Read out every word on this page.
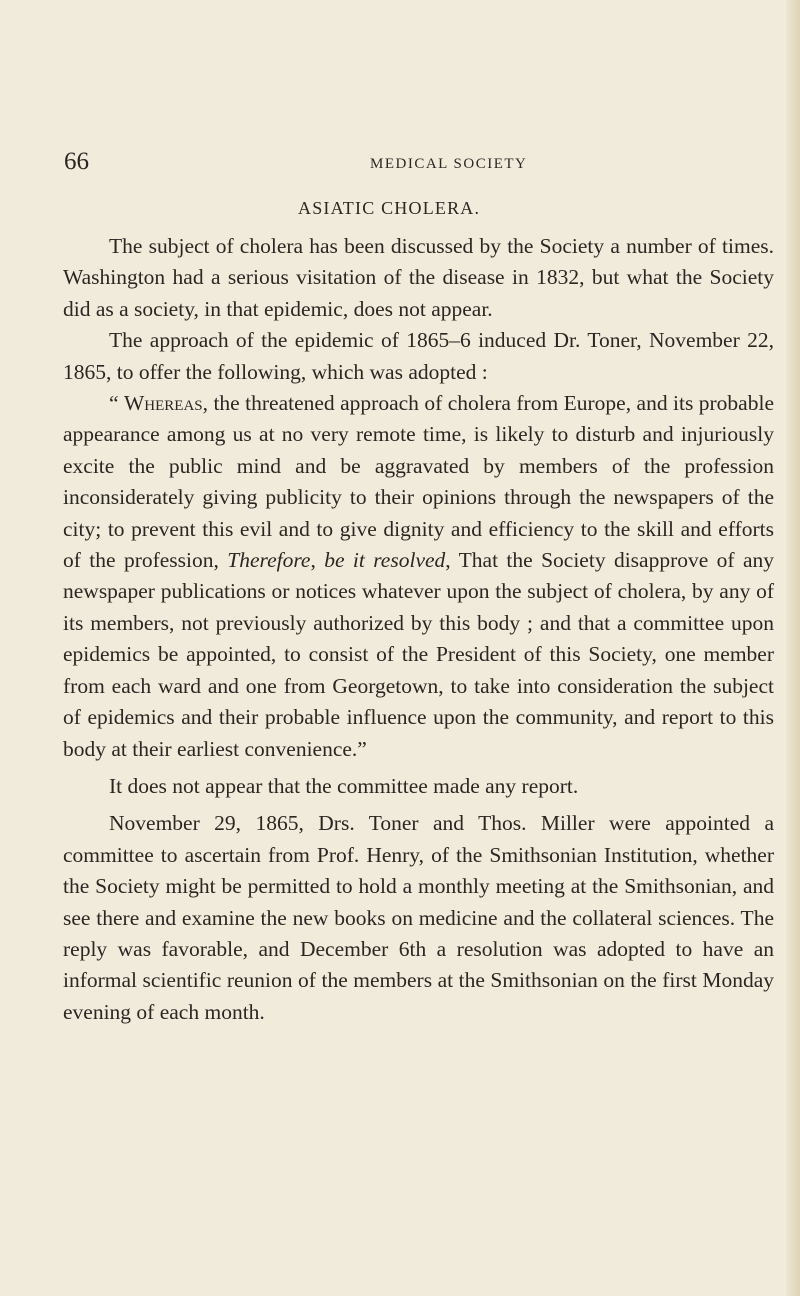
66	MEDICAL SOCIETY
ASIATIC CHOLERA.

The subject of cholera has been discussed by the Society a number of times. Washington had a serious visitation of the disease in 1832, but what the Society did as a society, in that epidemic, does not appear.

The approach of the epidemic of 1865–6 induced Dr. Toner, November 22, 1865, to offer the following, which was adopted :

“ Whereas, the threatened approach of cholera from Europe, and its probable appearance among us at no very remote time, is likely to disturb and injuriously excite the public mind and be aggravated by members of the profession inconsiderately giving publicity to their opinions through the newspapers of the city; to prevent this evil and to give dignity and efficiency to the skill and efforts of the profession, Therefore, be it resolved, That the Society disapprove of any newspaper publications or notices whatever upon the subject of cholera, by any of its members, not previously authorized by this body ; and that a committee upon epidemics be appointed, to consist of the President of this Society, one member from each ward and one from Georgetown, to take into consideration the subject of epidemics and their probable influence upon the community, and report to this body at their earliest convenience.”

It does not appear that the committee made any report.

November 29, 1865, Drs. Toner and Thos. Miller were appointed a committee to ascertain from Prof. Henry, of the Smithsonian Institution, whether the Society might be permitted to hold a monthly meeting at the Smithsonian, and see there and examine the new books on medicine and the collateral sciences. The reply was favorable, and December 6th a resolution was adopted to have an informal scientific reunion of the members at the Smithsonian on the first Monday evening of each month.
